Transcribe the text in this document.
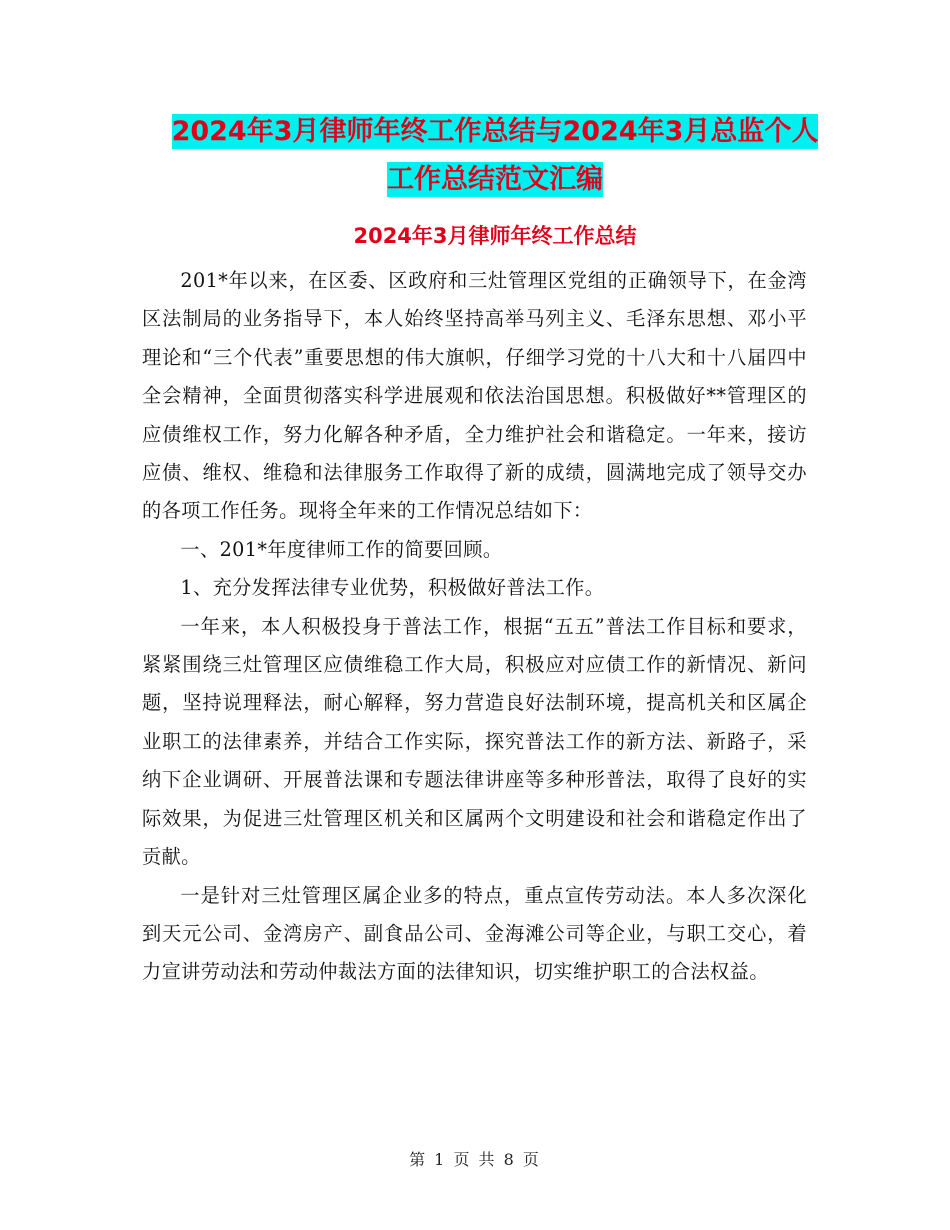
2024年3月律师年终工作总结与2024年3月总监个人
工作总结范文汇编
2024年3月律师年终工作总结

201*年以来，在区委、区政府和三灶管理区党组的正确领导下，在金湾区法制局的业务指导下，本人始终坚持高举马列主义、毛泽东思想、邓小平理论和“三个代表”重要思想的伟大旗帜，仔细学习党的十八大和十八届四中全会精神，全面贯彻落实科学进展观和依法治国思想。积极做好**管理区的应债维权工作，努力化解各种矛盾，全力维护社会和谐稳定。一年来，接访应债、维权、维稳和法律服务工作取得了新的成绩，圆满地完成了领导交办的各项工作任务。现将全年来的工作情况总结如下：

一、201*年度律师工作的简要回顾。

1、充分发挥法律专业优势，积极做好普法工作。

一年来，本人积极投身于普法工作，根据“五五”普法工作目标和要求，紧紧围绕三灶管理区应债维稳工作大局，积极应对应债工作的新情况、新问题，坚持说理释法，耐心解释，努力营造良好法制环境，提高机关和区属企业职工的法律素养，并结合工作实际，探究普法工作的新方法、新路子，采纳下企业调研、开展普法课和专题法律讲座等多种形普法，取得了良好的实际效果，为促进三灶管理区机关和区属两个文明建设和社会和谐稳定作出了贡献。

一是针对三灶管理区属企业多的特点，重点宣传劳动法。本人多次深化到天元公司、金湾房产、副食品公司、金海滩公司等企业，与职工交心，着力宣讲劳动法和劳动仲裁法方面的法律知识，切实维护职工的合法权益。

第 1 页 共 8 页
